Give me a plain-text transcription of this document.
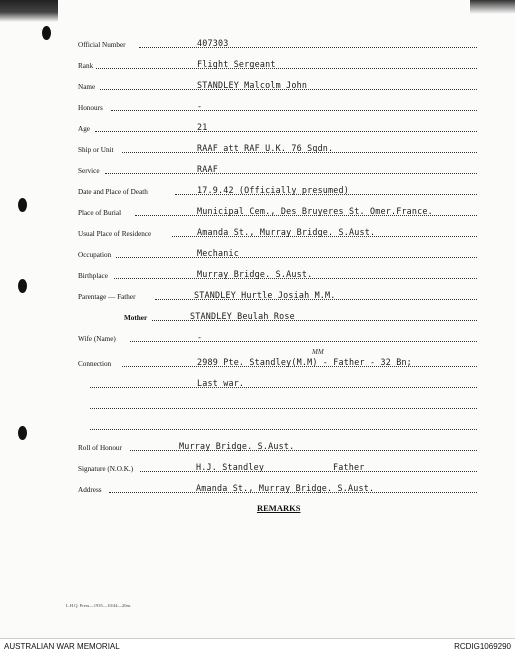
Official Number	407303
Rank	Flight Sergeant
Name	STANDLEY Malcolm John
Honours	-
Age	21
Ship or Unit	RAAF att RAF U.K. 76 Sqdn.
Service	RAAF
Date and Place of Death	17.9.42 (Officially presumed)
Place of Burial	Municipal Cem., Des Bruyeres St. Omer.France.
Usual Place of Residence	Amanda St., Murray Bridge. S.Aust.
Occupation	Mechanic
Birthplace	Murray Bridge. S.Aust.
Parentage — Father	STANDLEY Hurtle Josiah M.M.
Mother	STANDLEY Beulah Rose
Wife (Name)	-
MM
Connection	2989 Pte. Standley(M.M) - Father - 32 Bn;
Last war.
Roll of Honour	Murray Bridge. S.Aust.
Signature (N.O.K.)	H.J. Standley	Father
Address	Amanda St., Murray Bridge. S.Aust.
REMARKS
L.H.Q. Press—1935—10/44—20m.
AUSTRALIAN WAR MEMORIAL	RCDIG1069290
